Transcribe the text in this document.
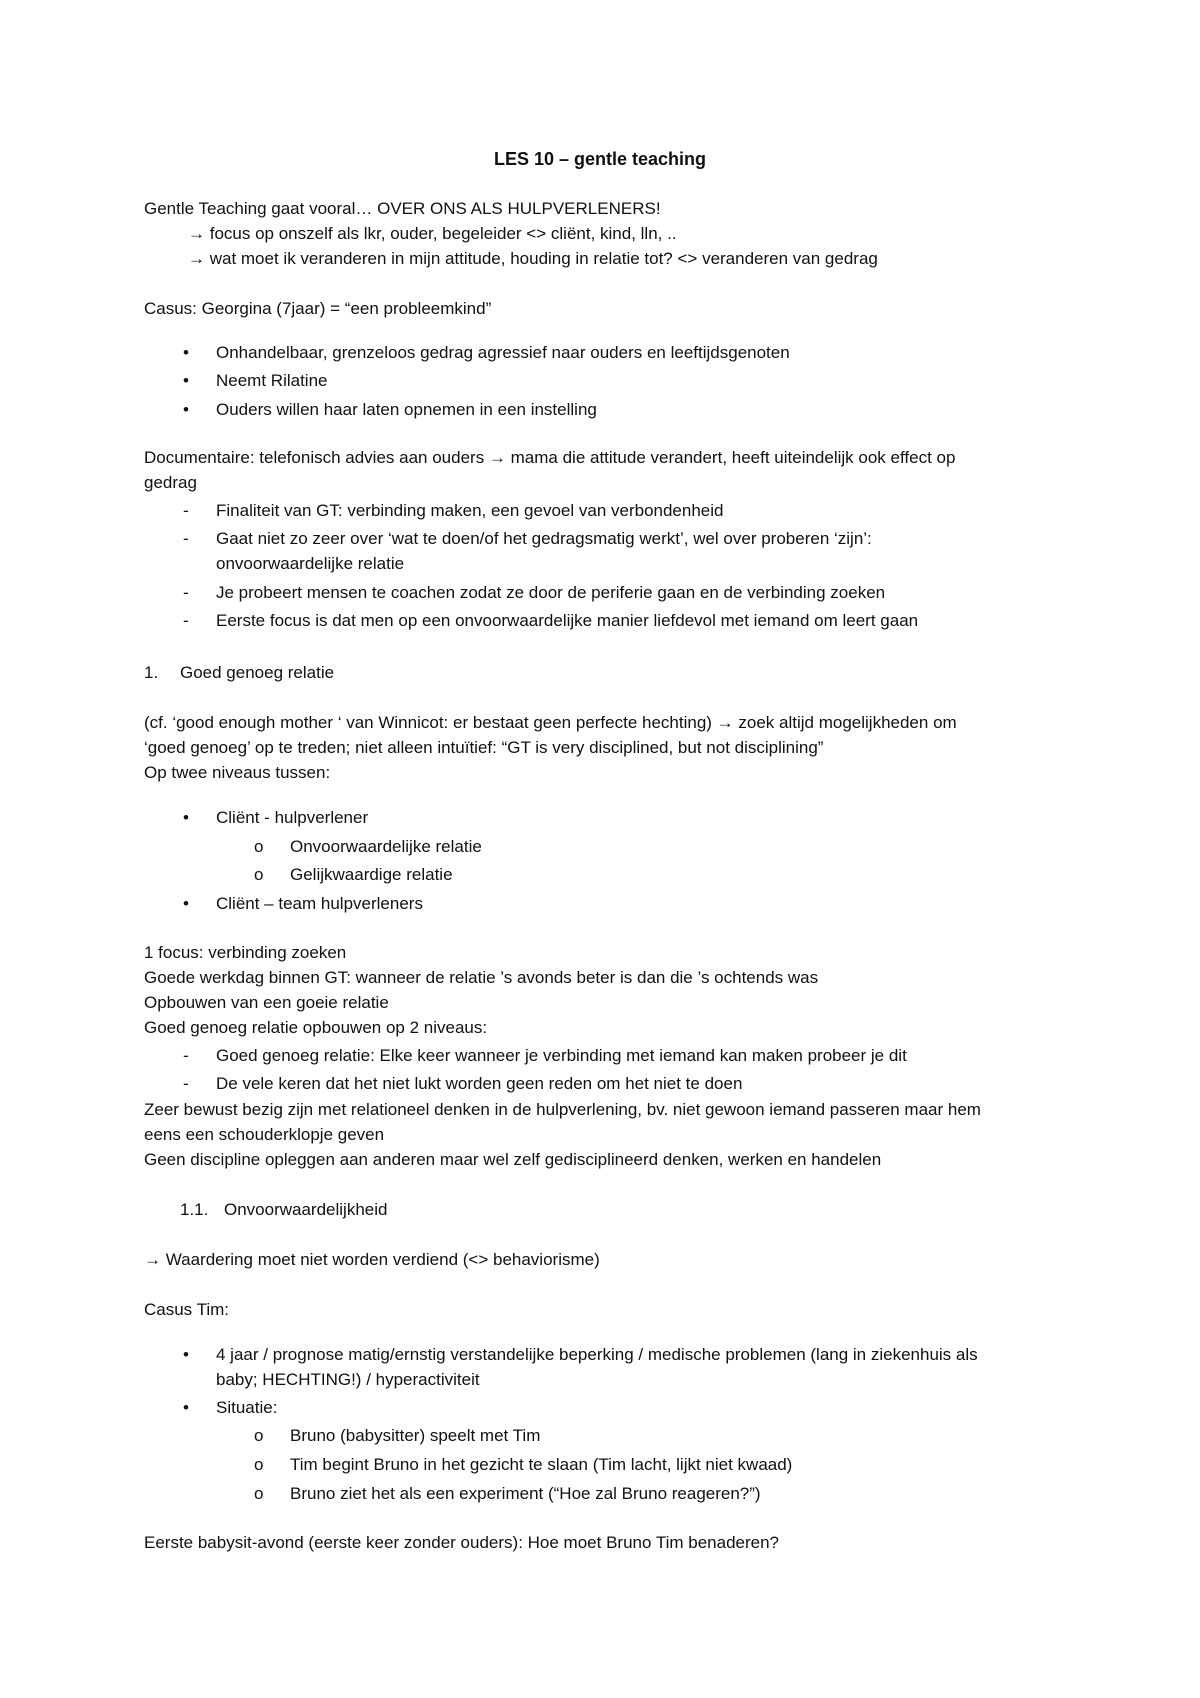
LES 10 – gentle teaching
Gentle Teaching gaat vooral… OVER ONS ALS HULPVERLENERS!
→ focus op onszelf als lkr, ouder, begeleider <> cliënt, kind, lln, ..
→ wat moet ik veranderen in mijn attitude, houding in relatie tot? <> veranderen van gedrag
Casus: Georgina (7jaar) = “een probleemkind”
• Onhandelbaar, grenzeloos gedrag agressief naar ouders en leeftijdsgenoten
• Neemt Rilatine
• Ouders willen haar laten opnemen in een instelling
Documentaire: telefonisch advies aan ouders → mama die attitude verandert, heeft uiteindelijk ook effect op
gedrag
- Finaliteit van GT: verbinding maken, een gevoel van verbondenheid
- Gaat niet zo zeer over ‘wat te doen/of het gedragsmatig werkt’, wel over proberen ‘zijn’:
onvoorwaardelijke relatie
- Je probeert mensen te coachen zodat ze door de periferie gaan en de verbinding zoeken
- Eerste focus is dat men op een onvoorwaardelijke manier liefdevol met iemand om leert gaan
1. Goed genoeg relatie
(cf. ‘good enough mother ‘ van Winnicot: er bestaat geen perfecte hechting) → zoek altijd mogelijkheden om
‘goed genoeg’ op te treden; niet alleen intuïtief: “GT is very disciplined, but not disciplining”
Op twee niveaus tussen:
• Cliënt - hulpverlener
o Onvoorwaardelijke relatie
o Gelijkwaardige relatie
• Cliënt – team hulpverleners
1 focus: verbinding zoeken
Goede werkdag binnen GT: wanneer de relatie ’s avonds beter is dan die ’s ochtends was
Opbouwen van een goeie relatie
Goed genoeg relatie opbouwen op 2 niveaus:
- Goed genoeg relatie: Elke keer wanneer je verbinding met iemand kan maken probeer je dit
- De vele keren dat het niet lukt worden geen reden om het niet te doen
Zeer bewust bezig zijn met relationeel denken in de hulpverlening, bv. niet gewoon iemand passeren maar hem
eens een schouderklopje geven
Geen discipline opleggen aan anderen maar wel zelf gedisciplineerd denken, werken en handelen
1.1. Onvoorwaardelijkheid
→ Waardering moet niet worden verdiend (<> behaviorisme)
Casus Tim:
• 4 jaar / prognose matig/ernstig verstandelijke beperking / medische problemen (lang in ziekenhuis als
baby; HECHTING!) / hyperactiviteit
• Situatie:
o Bruno (babysitter) speelt met Tim
o Tim begint Bruno in het gezicht te slaan (Tim lacht, lijkt niet kwaad)
o Bruno ziet het als een experiment (“Hoe zal Bruno reageren?”)
Eerste babysit-avond (eerste keer zonder ouders): Hoe moet Bruno Tim benaderen?
